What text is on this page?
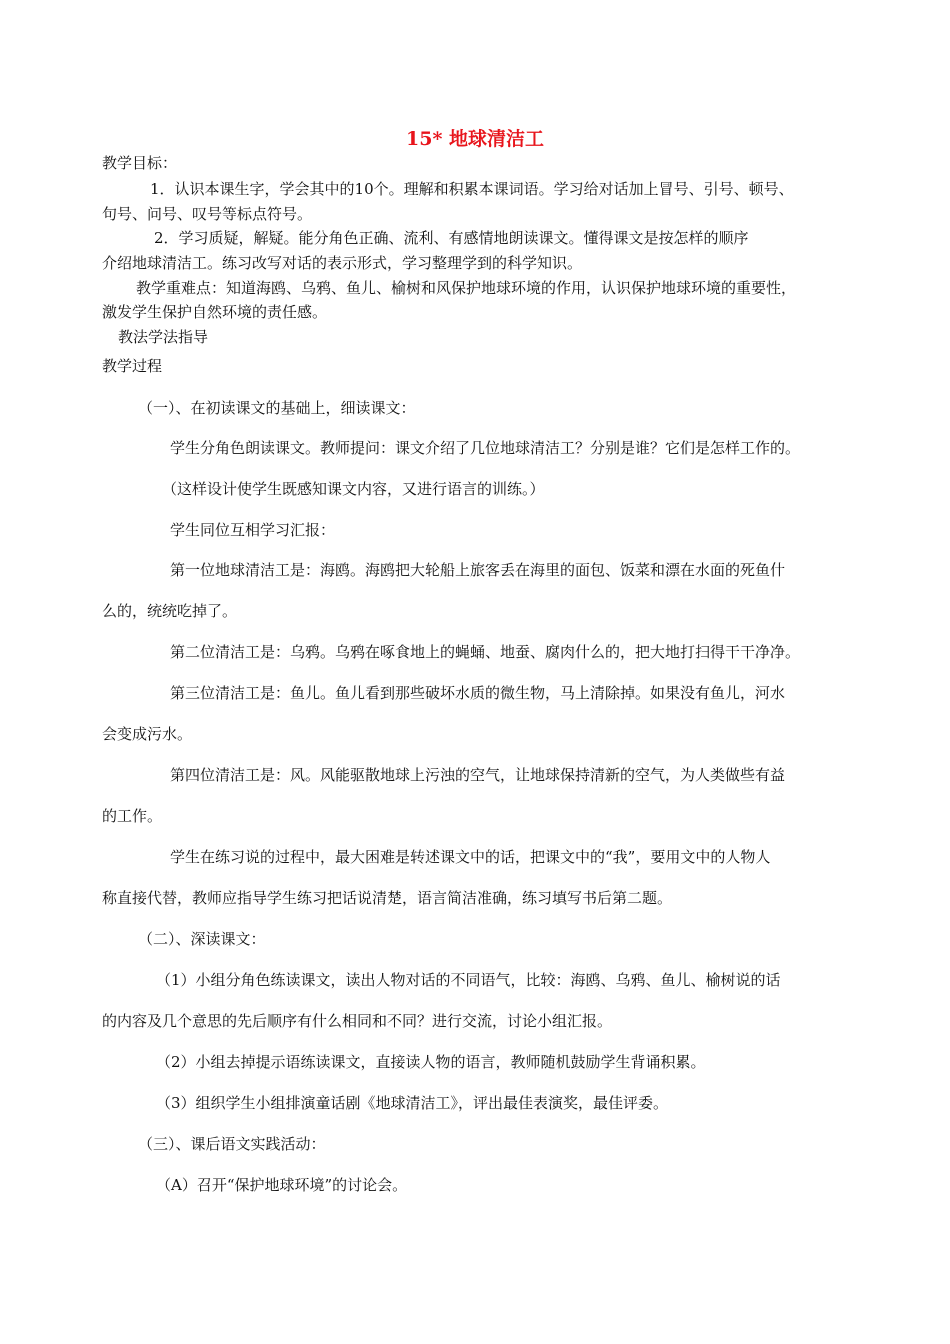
15* 地球清洁工

教学目标：

1．认识本课生字，学会其中的10个。理解和积累本课词语。学习给对话加上冒号、引号、顿号、

句号、问号、叹号等标点符号。

2．学习质疑，解疑。能分角色正确、流利、有感情地朗读课文。懂得课文是按怎样的顺序

介绍地球清洁工。练习改写对话的表示形式，学习整理学到的科学知识。

教学重难点：知道海鸥、乌鸦、鱼儿、榆树和风保护地球环境的作用，认识保护地球环境的重要性，

激发学生保护自然环境的责任感。

教法学法指导

教学过程

（一）、在初读课文的基础上，细读课文：

学生分角色朗读课文。教师提问：课文介绍了几位地球清洁工？分别是谁？它们是怎样工作的。

（这样设计使学生既感知课文内容，又进行语言的训练。）

学生同位互相学习汇报：

第一位地球清洁工是：海鸥。海鸥把大轮船上旅客丢在海里的面包、饭菜和漂在水面的死鱼什

么的，统统吃掉了。

第二位清洁工是：乌鸦。乌鸦在啄食地上的蝇蛹、地蚕、腐肉什么的，把大地打扫得干干净净。

第三位清洁工是：鱼儿。鱼儿看到那些破坏水质的微生物，马上清除掉。如果没有鱼儿，河水

会变成污水。

第四位清洁工是：风。风能驱散地球上污浊的空气，让地球保持清新的空气，为人类做些有益

的工作。

学生在练习说的过程中，最大困难是转述课文中的话，把课文中的“我”，要用文中的人物人

称直接代替，教师应指导学生练习把话说清楚，语言简洁准确，练习填写书后第二题。

（二）、深读课文：

（1）小组分角色练读课文，读出人物对话的不同语气，比较：海鸥、乌鸦、鱼儿、榆树说的话

的内容及几个意思的先后顺序有什么相同和不同？进行交流，讨论小组汇报。

（2）小组去掉提示语练读课文，直接读人物的语言，教师随机鼓励学生背诵积累。

（3）组织学生小组排演童话剧《地球清洁工》，评出最佳表演奖，最佳评委。

（三）、课后语文实践活动：

（A）召开“保护地球环境”的讨论会。
